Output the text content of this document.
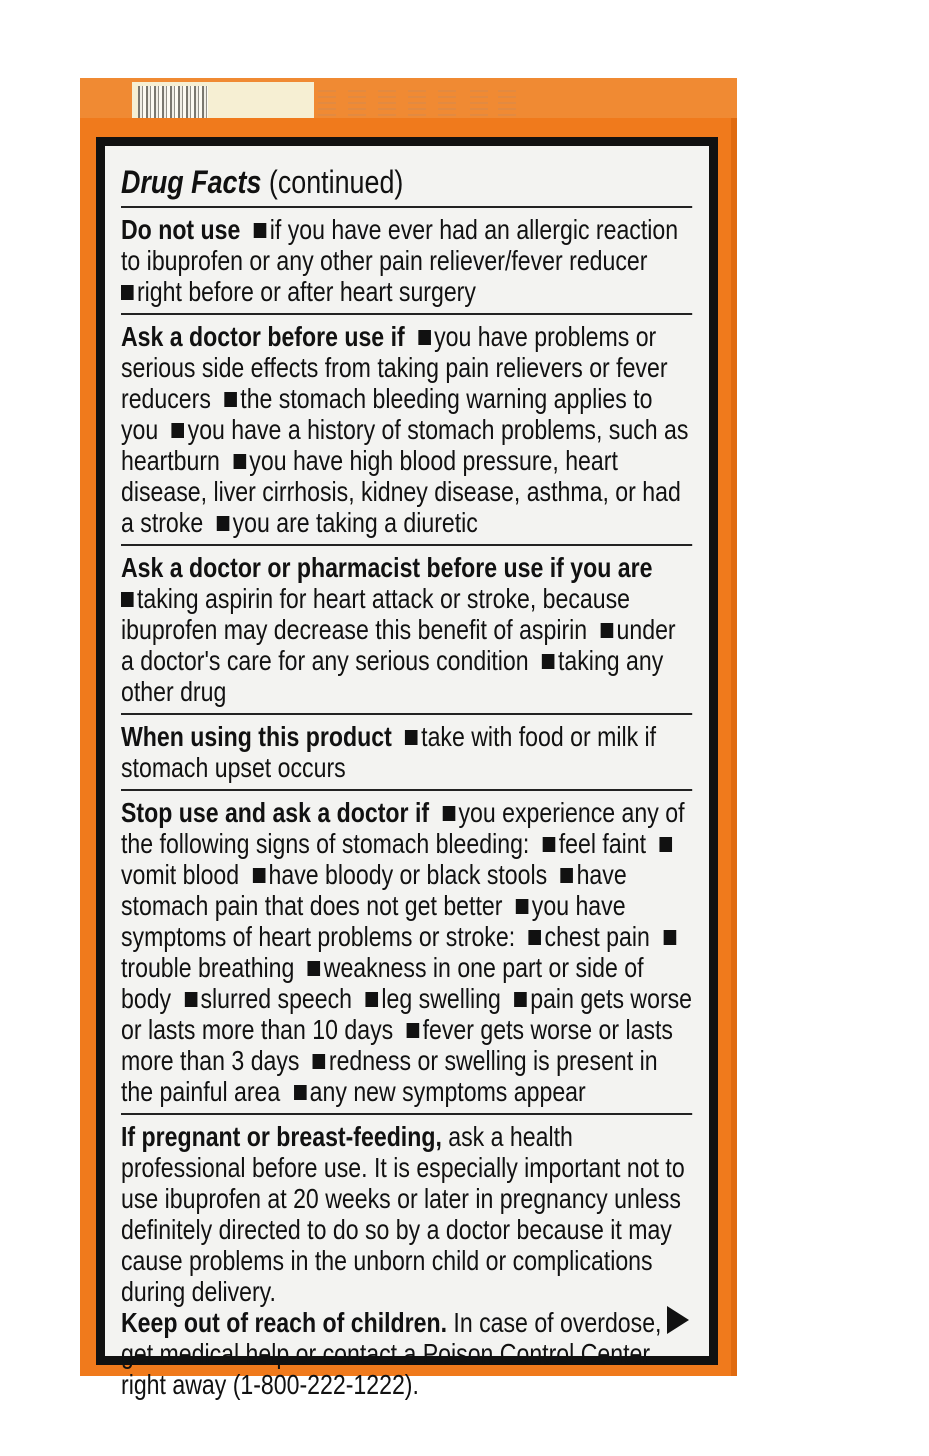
Drug Facts (continued)

Do not use if you have ever had an allergic reaction to ibuprofen or any other pain reliever/fever reducer
right before or after heart surgery

Ask a doctor before use if you have problems or serious side effects from taking pain relievers or fever reducers the stomach bleeding warning applies to you you have a history of stomach problems, such as heartburn you have high blood pressure, heart disease, liver cirrhosis, kidney disease, asthma, or had a stroke you are taking a diuretic

Ask a doctor or pharmacist before use if you are
taking aspirin for heart attack or stroke, because ibuprofen may decrease this benefit of aspirin under a doctor's care for any serious condition taking any other drug

When using this product take with food or milk if stomach upset occurs

Stop use and ask a doctor if you experience any of the following signs of stomach bleeding: feel faintvomit blood have bloody or black stools have stomach pain that does not get better you have symptoms of heart problems or stroke: chest paintrouble breathing weakness in one part or side of body slurred speech leg swelling pain gets worse or lasts more than 10 days fever gets worse or lasts more than 3 days redness or swelling is present in the painful area any new symptoms appear

If pregnant or breast-feeding, ask a health professional before use. It is especially important not to use ibuprofen at 20 weeks or later in pregnancy unless definitely directed to do so by a doctor because it may cause problems in the unborn child or complications during delivery.
Keep out of reach of children. In case of overdose, get medical help or contact a Poison Control Center right away (1-800-222-1222).
